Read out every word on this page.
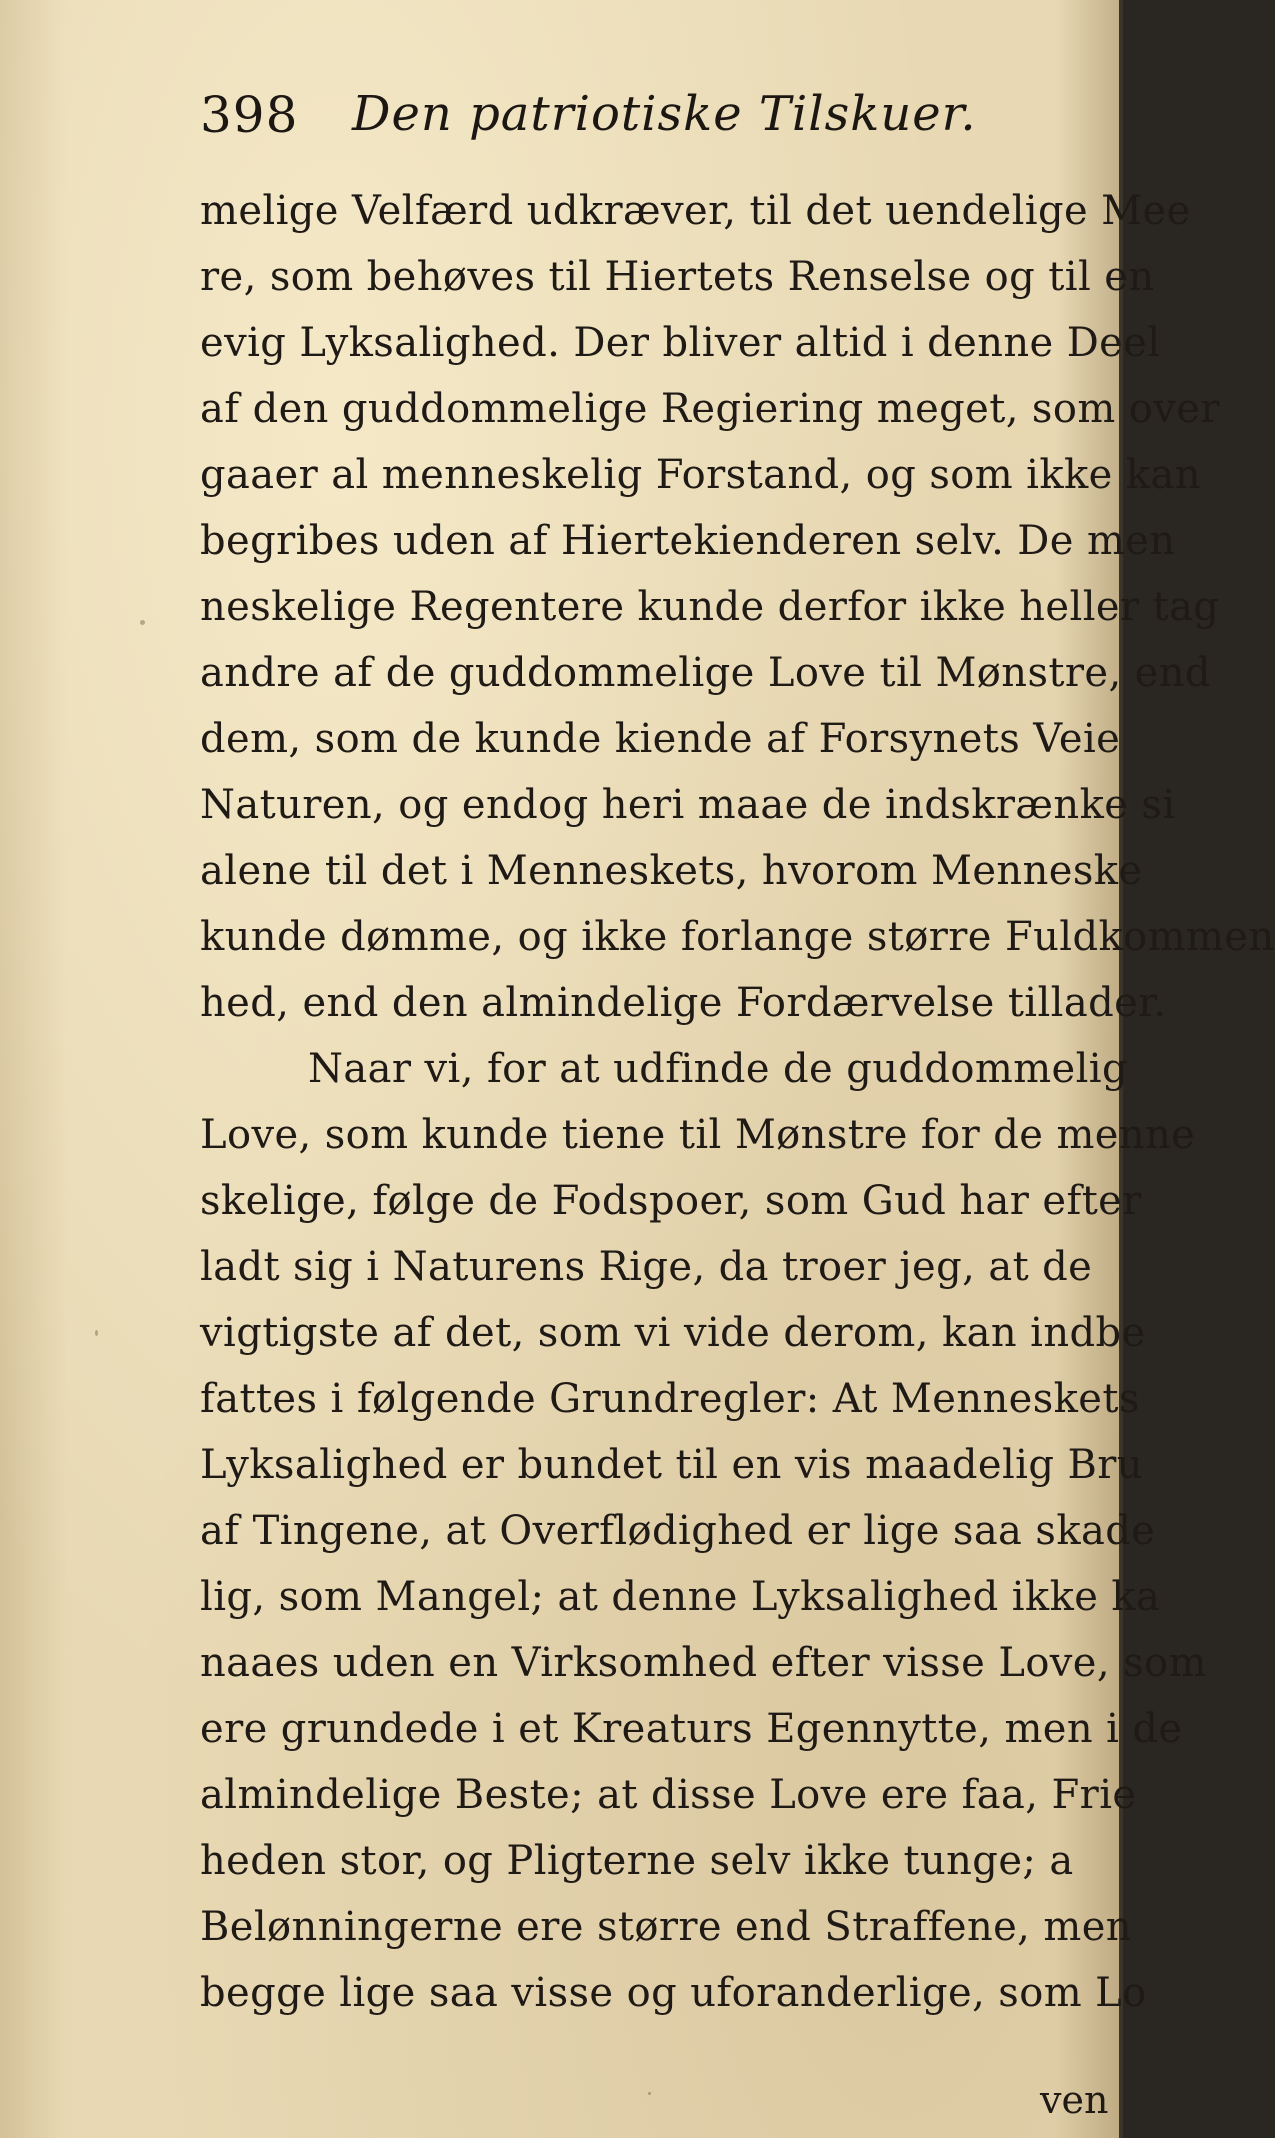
398 Den patriotiske Tilskuer.
melige Velfærd udkræver, til det uendelige Mee
re, som behøves til Hiertets Renselse og til en
evig Lyksalighed. Der bliver altid i denne Deel
af den guddommelige Regiering meget, som over
gaaer al menneskelig Forstand, og som ikke kan
begribes uden af Hiertekienderen selv. De men
neskelige Regentere kunde derfor ikke heller tag
andre af de guddommelige Love til Mønstre, end
dem, som de kunde kiende af Forsynets Veie
Naturen, og endog heri maae de indskrænke si
alene til det i Menneskets, hvorom Menneske
kunde dømme, og ikke forlange større Fuldkommen
hed, end den almindelige Fordærvelse tillader.
Naar vi, for at udfinde de guddommelig
Love, som kunde tiene til Mønstre for de menne
skelige, følge de Fodspoer, som Gud har efter
ladt sig i Naturens Rige, da troer jeg, at de
vigtigste af det, som vi vide derom, kan indbe
fattes i følgende Grundregler: At Menneskets
Lyksalighed er bundet til en vis maadelig Bru
af Tingene, at Overflødighed er lige saa skade
lig, som Mangel; at denne Lyksalighed ikke ka
naaes uden en Virksomhed efter visse Love, som
ere grundede i et Kreaturs Egennytte, men i de
almindelige Beste; at disse Love ere faa, Frie
heden stor, og Pligterne selv ikke tunge; a
Belønningerne ere større end Straffene, men
begge lige saa visse og uforanderlige, som Lo
ven
